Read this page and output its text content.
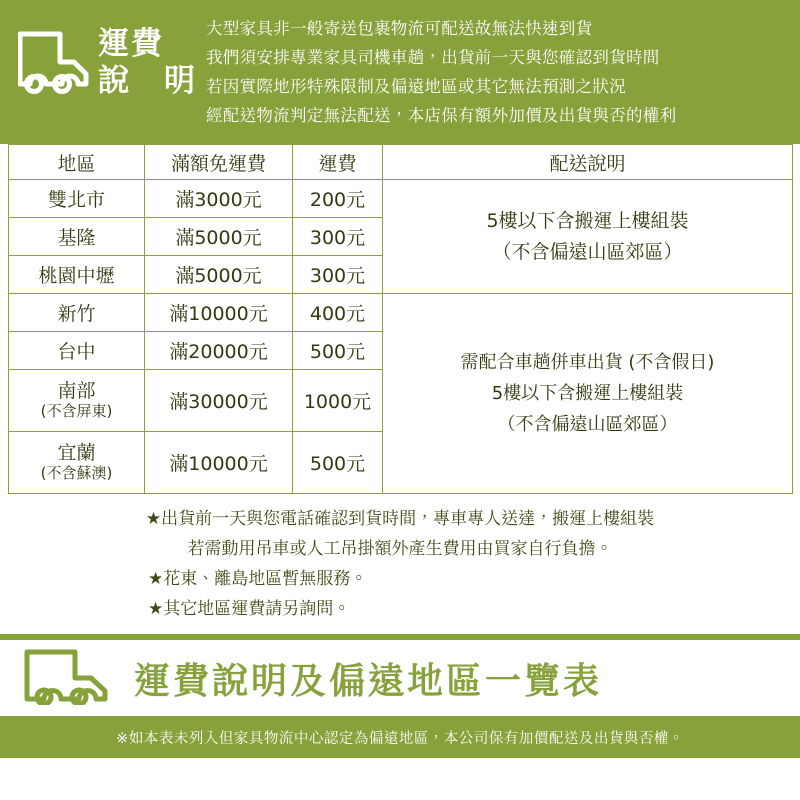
運費
說　明
大型家具非一般寄送包裹物流可配送故無法快速到貨
我們須安排專業家具司機車趟，出貨前一天與您確認到貨時間
若因實際地形特殊限制及偏遠地區或其它無法預測之狀況
經配送物流判定無法配送，本店保有額外加價及出貨與否的權利
地區	滿額免運費	運費	配送說明
雙北市	滿3000元	200元	5樓以下含搬運上樓組裝
（不含偏遠山區郊區）

基隆	滿5000元	300元	
桃園中壢	滿5000元	300元	
新竹	滿10000元	400元	需配合車趟併車出貨 (不含假日)
5樓以下含搬運上樓組裝
（不含偏遠山區郊區）

台中	滿20000元	500元	

南部
(不含屏東)	滿30000元	1000元	

宜蘭
(不含蘇澳)	滿10000元	500元	
★出貨前一天與您電話確認到貨時間，專車專人送達，搬運上樓組裝
若需動用吊車或人工吊掛額外產生費用由買家自行負擔。
★花東、離島地區暫無服務。
★其它地區運費請另詢問。
運費說明及偏遠地區一覽表
※如本表未列入但家具物流中心認定為偏遠地區，本公司保有加價配送及出貨與否權。
